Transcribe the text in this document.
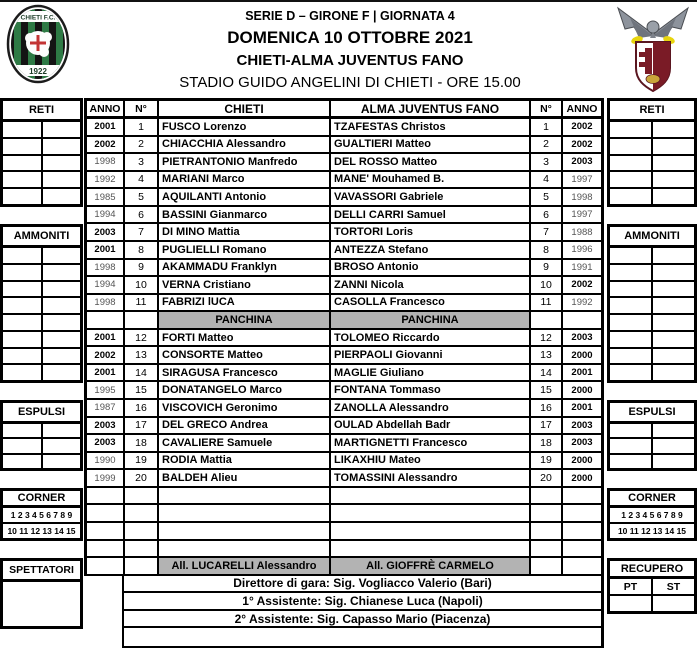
CHIETI F.C.
1922
SERIE D – GIRONE F | GIORNATA 4
DOMENICA 10 OTTOBRE 2021
CHIETI-ALMA JUVENTUS FANO
STADIO GUIDO ANGELINI DI CHIETI - ORE 15.00
RETI
AMMONITI
ESPULSI
CORNER
1 2 3 4 5 6 7 8 9
10 11 12 13 14 15
SPETTATORI
RETI
AMMONITI
ESPULSI
CORNER
1 2 3 4 5 6 7 8 9
10 11 12 13 14 15
RECUPERO
PT	ST
ANNO	N°	CHIETI	ALMA JUVENTUS FANO	N°	ANNO
2001	1	FUSCO Lorenzo	TZAFESTAS Christos	1	2002
2002	2	CHIACCHIA Alessandro	GUALTIERI Matteo	2	2002
1998	3	PIETRANTONIO Manfredo	DEL ROSSO Matteo	3	2003
1992	4	MARIANI Marco	MANE' Mouhamed B.	4	1997
1985	5	AQUILANTI Antonio	VAVASSORI Gabriele	5	1998
1994	6	BASSINI Gianmarco	DELLI CARRI Samuel	6	1997
2003	7	DI MINO Mattia	TORTORI Loris	7	1988
2001	8	PUGLIELLI Romano	ANTEZZA Stefano	8	1996
1998	9	AKAMMADU Franklyn	BROSO Antonio	9	1991
1994	10	VERNA Cristiano	ZANNI Nicola	10	2002
1998	11	FABRIZI lUCA	CASOLLA Francesco	11	1992
PANCHINA	PANCHINA
2001	12	FORTI Matteo	TOLOMEO Riccardo	12	2003
2002	13	CONSORTE Matteo	PIERPAOLI Giovanni	13	2000
2001	14	SIRAGUSA Francesco	MAGLIE Giuliano	14	2001
1995	15	DONATANGELO Marco	FONTANA Tommaso	15	2000
1987	16	VISCOVICH Geronimo	ZANOLLA Alessandro	16	2001
2003	17	DEL GRECO Andrea	OULAD Abdellah Badr	17	2003
2003	18	CAVALIERE Samuele	MARTIGNETTI Francesco	18	2003
1990	19	RODIA Mattia	LIKAXHIU Mateo	19	2000
1999	20	BALDEH Alieu	TOMASSINI Alessandro	20	2000
All. LUCARELLI Alessandro	All. GIOFFRÈ CARMELO
Direttore di gara: Sig. Vogliacco Valerio (Bari)
1° Assistente: Sig. Chianese Luca (Napoli)
2° Assistente: Sig. Capasso Mario (Piacenza)
